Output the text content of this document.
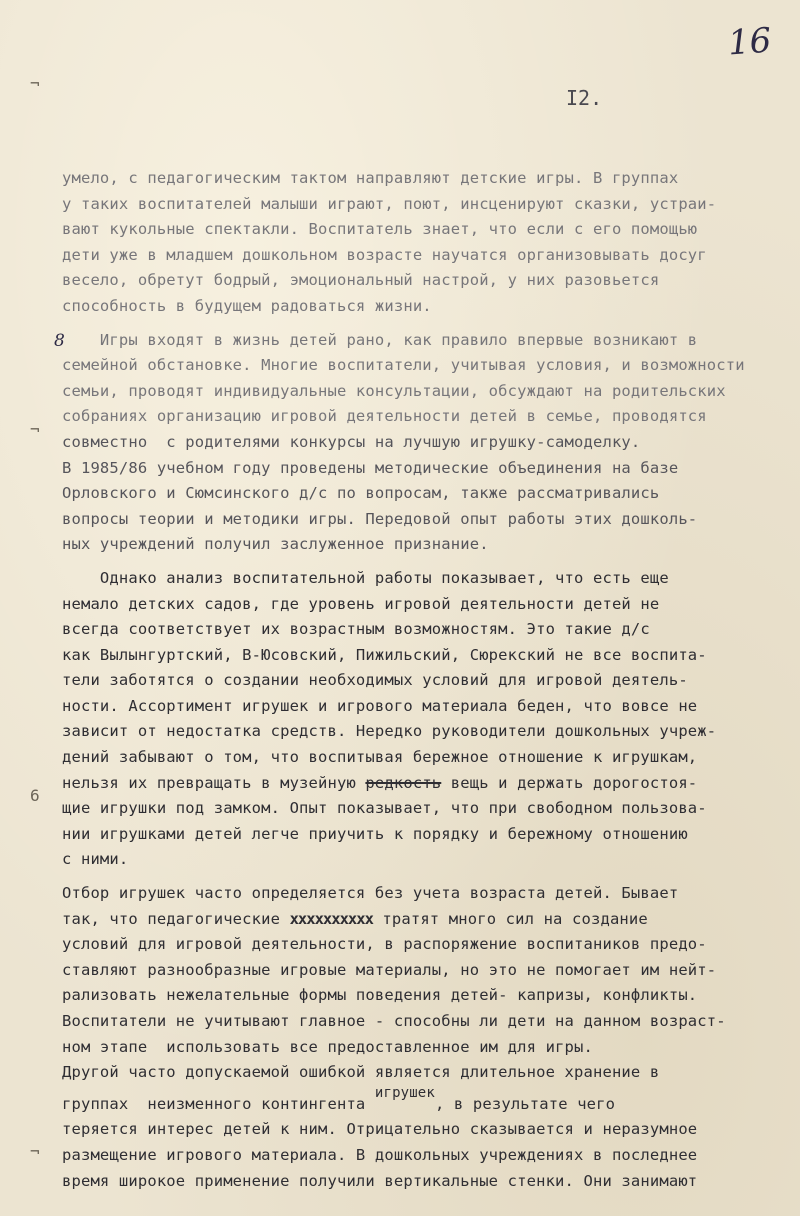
16
I2.
¬
¬
6
¬
8
умело, с педагогическим тактом направляют детские игры. В группах
у таких воспитателей малыши играют, поют, инсценируют сказки, устраи-
вают кукольные спектакли. Воспитатель знает, что если с его помощью
дети уже в младшем дошкольном возрасте научатся организовывать досуг
весело, обретут бодрый, эмоциональный настрой, у них разовьется
способность в будущем радоваться жизни.
Игры входят в жизнь детей рано, как правило впервые возникают в
семейной обстановке. Многие воспитатели, учитывая условия, и возможности
семьи, проводят индивидуальные консультации, обсуждают на родительских
собраниях организацию игровой деятельности детей в семье, проводятся
совместно  с родителями конкурсы на лучшую игрушку-самоделку.
В 1985/86 учебном году проведены методические объединения на базе
Орловского и Сюмсинского д/с по вопросам, также рассматривались
вопросы теории и методики игры. Передовой опыт работы этих дошколь-
ных учреждений получил заслуженное признание.
Однако анализ воспитательной работы показывает, что есть еще
немало детских садов, где уровень игровой деятельности детей не
всегда соответствует их возрастным возможностям. Это такие д/с
как Вылынгуртский, В-Юсовский, Пижильский, Сюрекский не все воспита-
тели заботятся о создании необходимых условий для игровой деятель-
ности. Ассортимент игрушек и игрового материала беден, что вовсе не
зависит от недостатка средств. Нередко руководители дошкольных учреж-
дений забывают о том, что воспитывая бережное отношение к игрушкам,
нельзя их превращать в музейную редкость вещь и держать дорогостоя-
щие игрушки под замком. Опыт показывает, что при свободном пользова-
нии игрушками детей легче приучить к порядку и бережному отношению
с ними.
Отбор игрушек часто определяется без учета возраста детей. Бывает
так, что педагогические xxxxxxxxxx тратят много сил на создание
условий для игровой деятельности, в распоряжение воспитаников предо-
ставляют разнообразные игровые материалы, но это не помогает им нейт-
рализовать нежелательные формы поведения детей- капризы, конфликты.
Воспитатели не учитывают главное - способны ли дети на данном возраст-
ном этапе  использовать все предоставленное им для игры.
Другой часто допускаемой ошибкой является длительное хранение в
группах  неизменного контингента игрушек, в результате чего
теряется интерес детей к ним. Отрицательно сказывается и неразумное
размещение игрового материала. В дошкольных учреждениях в последнее
время широкое применение получили вертикальные стенки. Они занимают
